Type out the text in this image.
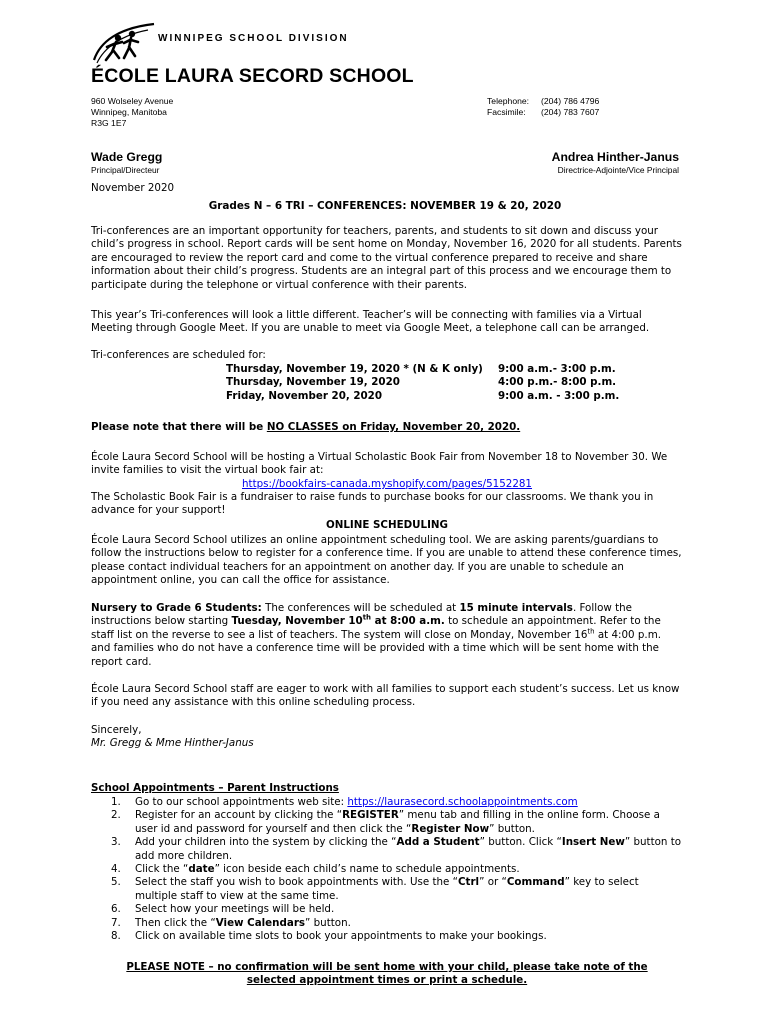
WINNIPEG SCHOOL DIVISION
ÉCOLE LAURA SECORD SCHOOL
960 Wolseley Avenue
Winnipeg, Manitoba
R3G 1E7
Telephone: (204) 786 4796
Facsimile: (204) 783 7607
Wade Gregg
Principal/Directeur
Andrea Hinther-Janus
Directrice-Adjointe/Vice Principal
November 2020
Grades N – 6 TRI – CONFERENCES: NOVEMBER 19 & 20, 2020

Tri-conferences are an important opportunity for teachers, parents, and students to sit down and discuss your child’s progress in school. Report cards will be sent home on Monday, November 16, 2020 for all students. Parents are encouraged to review the report card and come to the virtual conference prepared to receive and share information about their child’s progress. Students are an integral part of this process and we encourage them to participate during the telephone or virtual conference with their parents.

This year’s Tri-conferences will look a little different. Teacher’s will be connecting with families via a Virtual Meeting through Google Meet. If you are unable to meet via Google Meet, a telephone call can be arranged.

Tri-conferences are scheduled for:

Thursday, November 19, 2020 * (N & K only) 9:00 a.m.- 3:00 p.m.
Thursday, November 19, 2020	4:00 p.m.- 8:00 p.m.
Friday, November 20, 2020	9:00 a.m. - 3:00 p.m.

Please note that there will be NO CLASSES on Friday, November 20, 2020.

École Laura Secord School will be hosting a Virtual Scholastic Book Fair from November 18 to November 30. We invite families to visit the virtual book fair at:

https://bookfairs-canada.myshopify.com/pages/5152281

The Scholastic Book Fair is a fundraiser to raise funds to purchase books for our classrooms. We thank you in advance for your support!

ONLINE SCHEDULING

École Laura Secord School utilizes an online appointment scheduling tool. We are asking parents/guardians to follow the instructions below to register for a conference time. If you are unable to attend these conference times, please contact individual teachers for an appointment on another day. If you are unable to schedule an appointment online, you can call the office for assistance.

Nursery to Grade 6 Students: The conferences will be scheduled at 15 minute intervals. Follow the instructions below starting Tuesday, November 10th at 8:00 a.m. to schedule an appointment. Refer to the staff list on the reverse to see a list of teachers. The system will close on Monday, November 16th at 4:00 p.m. and families who do not have a conference time will be provided with a time which will be sent home with the report card.

École Laura Secord School staff are eager to work with all families to support each student’s success. Let us know if you need any assistance with this online scheduling process.

Sincerely,
Mr. Gregg & Mme Hinther-Janus
School Appointments – Parent Instructions
1. Go to our school appointments web site: https://laurasecord.schoolappointments.com
2. Register for an account by clicking the “REGISTER” menu tab and filling in the online form. Choose a user id and password for yourself and then click the “Register Now” button.
3. Add your children into the system by clicking the “Add a Student” button. Click “Insert New” button to add more children.
4. Click the “date” icon beside each child’s name to schedule appointments.
5. Select the staff you wish to book appointments with. Use the “Ctrl” or “Command” key to select multiple staff to view at the same time.
6. Select how your meetings will be held.
7. Then click the “View Calendars” button.
8. Click on available time slots to book your appointments to make your bookings.
PLEASE NOTE – no confirmation will be sent home with your child, please take note of the
selected appointment times or print a schedule.
